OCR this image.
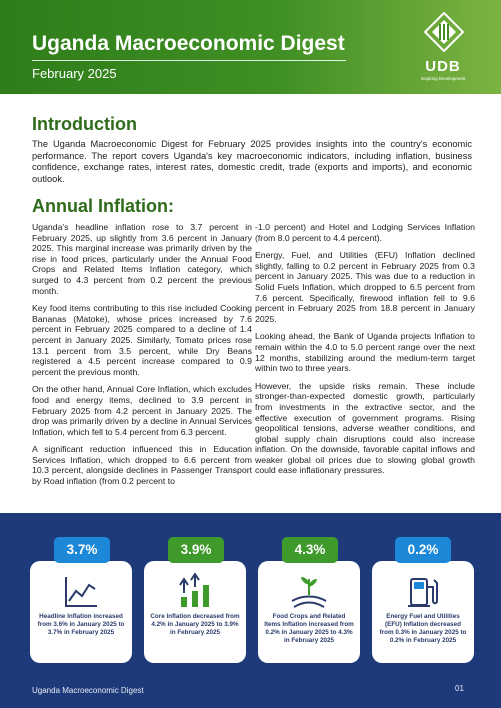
Uganda Macroeconomic Digest
February 2025	UDB
Inspiring Development
Introduction
The Uganda Macroeconomic Digest for February 2025 provides insights into the country's economic performance. The report covers Uganda's key macroeconomic indicators, including inflation, business confidence, exchange rates, interest rates, domestic credit, trade (exports and imports), and economic outlook.
Annual Inflation:

Uganda's headline inflation rose to 3.7 percent in February 2025, up slightly from 3.6 percent in January 2025. This marginal increase was primarily driven by the rise in food prices, particularly under the Annual Food Crops and Related Items Inflation category, which surged to 4.3 percent from 0.2 percent the previous month.

Key food items contributing to this rise included Cooking Bananas (Matoke), whose prices increased by 7.6 percent in February 2025 compared to a decline of 1.4 percent in January 2025. Similarly, Tomato prices rose 13.1 percent from 3.5 percent, while Dry Beans registered a 4.5 percent increase compared to 0.9 percent the previous month.

On the other hand, Annual Core Inflation, which excludes food and energy items, declined to 3.9 percent in February 2025 from 4.2 percent in January 2025. The drop was primarily driven by a decline in Annual Services Inflation, which fell to 5.4 percent from 6.3 percent.

A significant reduction influenced this in Education Services Inflation, which dropped to 6.6 percent from 10.3 percent, alongside declines in Passenger Transport by Road inflation (from 0.2 percent to

-1.0 percent) and Hotel and Lodging Services Inflation (from 8.0 percent to 4.4 percent).

Energy, Fuel, and Utilities (EFU) Inflation declined slightly, falling to 0.2 percent in February 2025 from 0.3 percent in January 2025. This was due to a reduction in Solid Fuels Inflation, which dropped to 6.5 percent from 7.6 percent. Specifically, firewood inflation fell to 9.6 percent in February 2025 from 18.8 percent in January 2025.

Looking ahead, the Bank of Uganda projects Inflation to remain within the 4.0 to 5.0 percent range over the next 12 months, stabilizing around the medium-term target within two to three years.

However, the upside risks remain. These include stronger-than-expected domestic growth, particularly from investments in the extractive sector, and the effective execution of government programs. Rising geopolitical tensions, adverse weather conditions, and global supply chain disruptions could also increase inflation. On the downside, favorable capital inflows and weaker global oil prices due to slowing global growth could ease inflationary pressures.

Headline Inflation increased from 3.6% in January 2025 to 3.7% in February 2025
3.7%
Core Inflation decreased from 4.2% in January 2025 to 3.9% in February 2025
3.9%
Food Crops and Related Items Inflation increased from 0.2% in January 2025 to 4.3% in February 2025
4.3%
Energy Fuel and Utilities (EFU) Inflation decreased from 0.3% in January 2025 to 0.2% in February 2025
0.2%
Uganda Macroeconomic Digest	01
